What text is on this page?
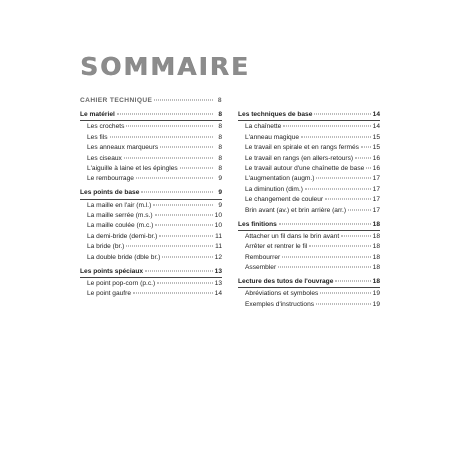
SOMMAIRE
CAHIER TECHNIQUE	8
Le matériel	8
Les crochets	8
Les fils	8
Les anneaux marqueurs	8
Les ciseaux	8
L'aiguille à laine et les épingles	8
Le rembourrage	9
Les points de base	9
La maille en l'air (m.l.)	9
La maille serrée (m.s.)	10
La maille coulée (m.c.)	10
La demi-bride (demi-br.)	11
La bride (br.)	11
La double bride (dble br.)	12
Les points spéciaux	13
Le point pop-corn (p.c.)	13
Le point gaufre	14
Les techniques de base	14
La chaînette	14
L'anneau magique	15
Le travail en spirale et en rangs fermés 15
Le travail en rangs (en allers-retours)	16
Le travail autour d'une chaînette de base 16
L'augmentation (augm.)	17
La diminution (dim.)	17
Le changement de couleur	17
Brin avant (av.) et brin arrière (arr.)	17
Les finitions	18
Attacher un fil dans le brin avant	18
Arrêter et rentrer le fil	18
Rembourrer	18
Assembler	18
Lecture des tutos de l'ouvrage	18
Abréviations et symboles	19
Exemples d'instructions	19
